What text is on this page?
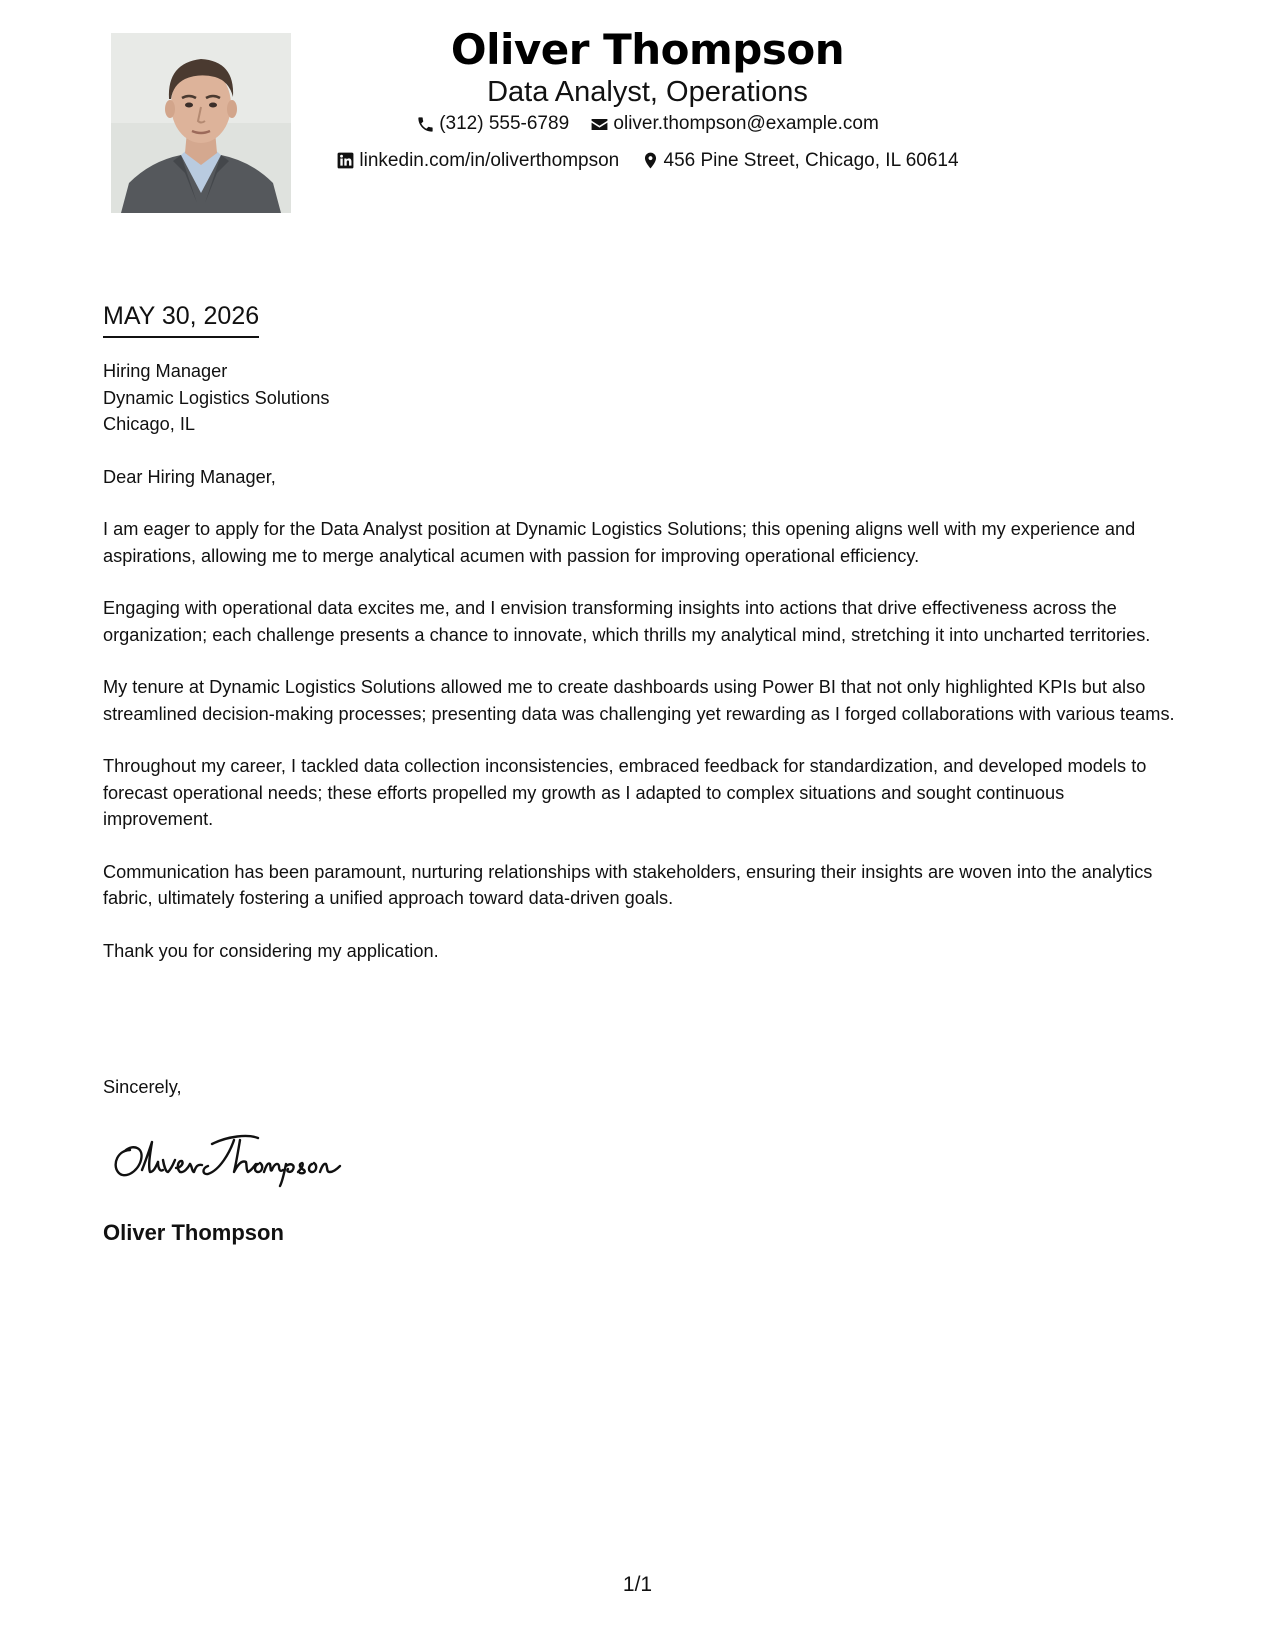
Oliver Thompson
Data Analyst, Operations
(312) 555-6789
oliver.thompson@example.com
linkedin.com/in/oliverthompson
456 Pine Street, Chicago, IL 60614
MAY 30, 2026
Hiring Manager
Dynamic Logistics Solutions
Chicago, IL

Dear Hiring Manager,

I am eager to apply for the Data Analyst position at Dynamic Logistics Solutions; this opening aligns well with my experience and aspirations, allowing me to merge analytical acumen with passion for improving operational efficiency.

Engaging with operational data excites me, and I envision transforming insights into actions that drive effectiveness across the organization; each challenge presents a chance to innovate, which thrills my analytical mind, stretching it into uncharted territories.

My tenure at Dynamic Logistics Solutions allowed me to create dashboards using Power BI that not only highlighted KPIs but also streamlined decision-making processes; presenting data was challenging yet rewarding as I forged collaborations with various teams.

Throughout my career, I tackled data collection inconsistencies, embraced feedback for standardization, and developed models to forecast operational needs; these efforts propelled my growth as I adapted to complex situations and sought continuous improvement.

Communication has been paramount, nurturing relationships with stakeholders, ensuring their insights are woven into the analytics fabric, ultimately fostering a unified approach toward data-driven goals.

Thank you for considering my application.

Sincerely,
Oliver Thompson
1/1
